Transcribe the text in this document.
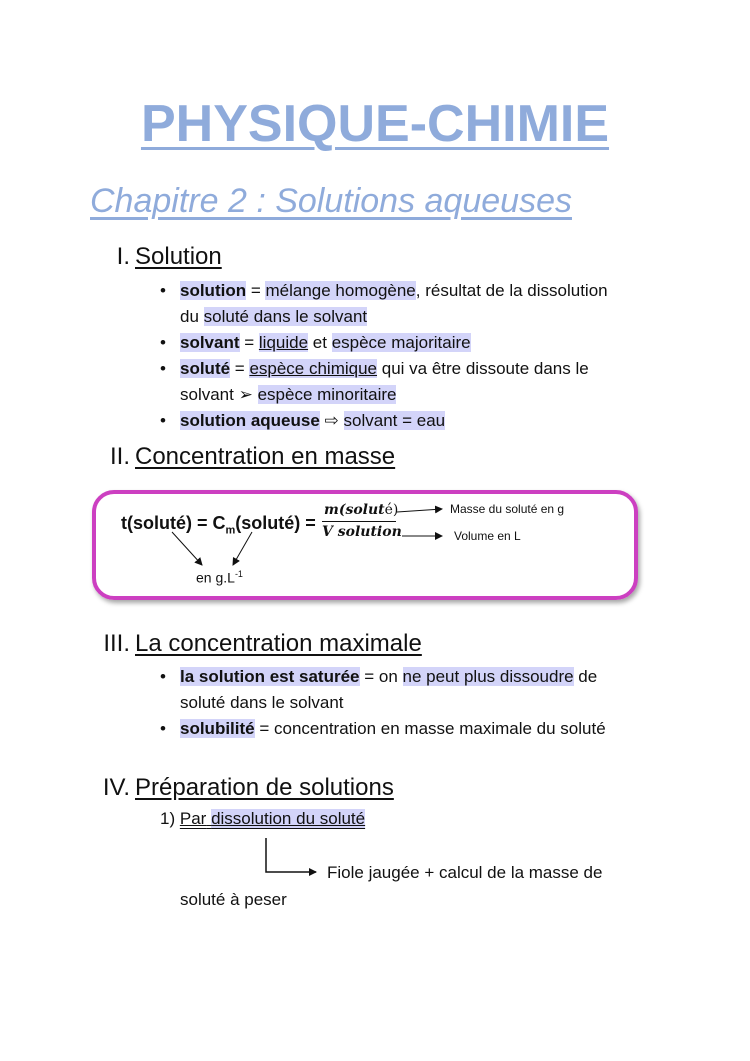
PHYSIQUE-CHIMIE
Chapitre 2 : Solutions aqueuses
I. Solution
• solution = mélange homogène, résultat de la dissolution
du soluté dans le solvant
• solvant = liquide et espèce majoritaire
• soluté = espèce chimique qui va être dissoute dans le
solvant ➢ espèce minoritaire
• solution aqueuse ⇨ solvant = eau
II. Concentration en masse
t(soluté) = $C_m(soluté)$ =
m(soluté)
V solution
Masse du soluté en g
Volume en L
en $g.L^{-1}$
III. La concentration maximale
• la solution est saturée = on ne peut plus dissoudre de
soluté dans le solvant
• solubilité = concentration en masse maximale du soluté
IV. Préparation de solutions
1) Par dissolution du soluté
Fiole jaugée + calcul de la masse de
soluté à peser
